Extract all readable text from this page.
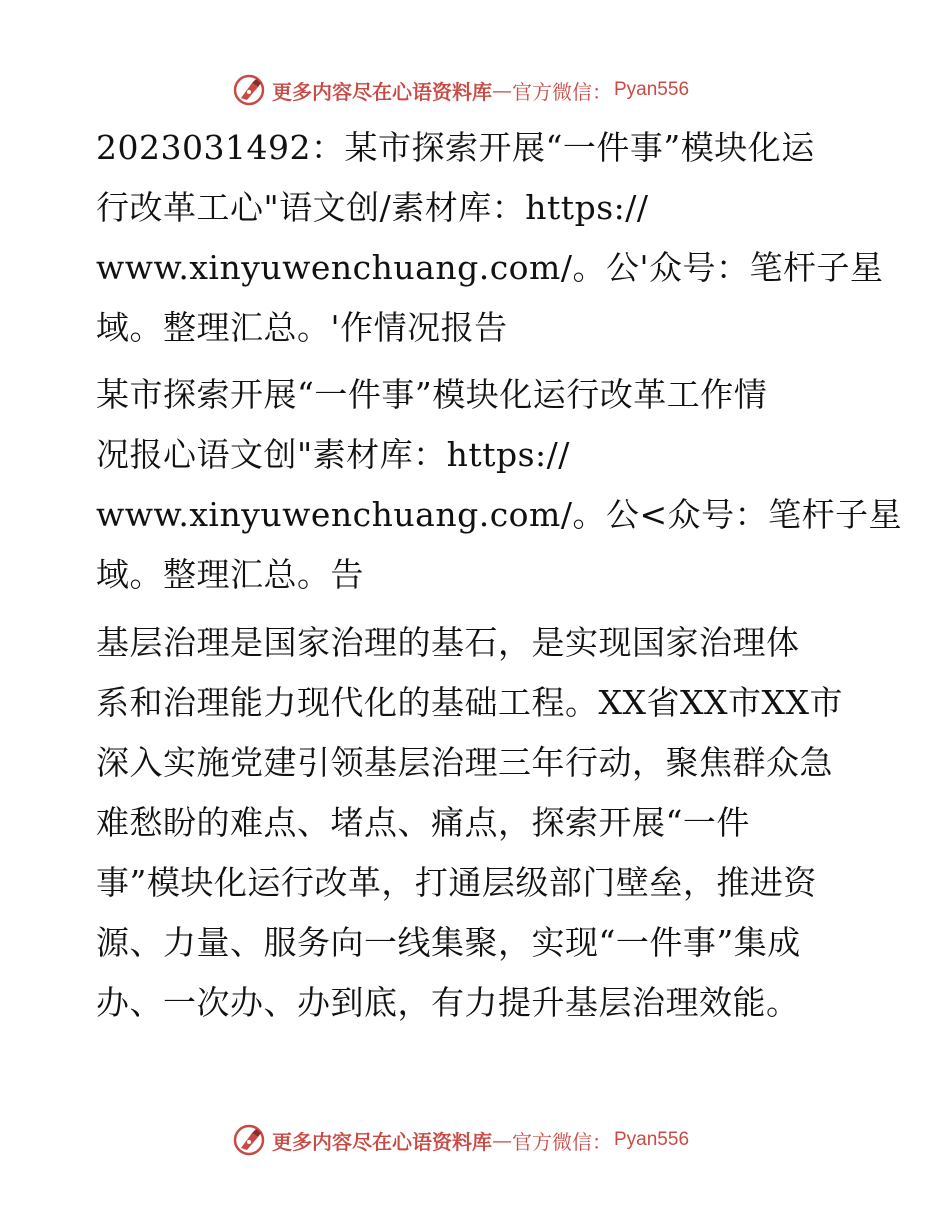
更多内容尽在心语资料库 — 官方微信： Pyan556
2023031492：某市探索开展“一件事”模块化运
行改革工心"语文创/素材库：https://
www.xinyuwenchuang.com/。公'众号：笔杆子星
域。整理汇总。'作情况报告
某市探索开展“一件事”模块化运行改革工作情
况报心语文创"素材库：https://
www.xinyuwenchuang.com/。公<众号：笔杆子星
域。整理汇总。告
基层治理是国家治理的基石，是实现国家治理体
系和治理能力现代化的基础工程。XX省XX市XX市
深入实施党建引领基层治理三年行动，聚焦群众急
难愁盼的难点、堵点、痛点，探索开展“一件
事”模块化运行改革，打通层级部门壁垒，推进资
源、力量、服务向一线集聚，实现“一件事”集成
办、一次办、办到底，有力提升基层治理效能。
更多内容尽在心语资料库 — 官方微信： Pyan556
